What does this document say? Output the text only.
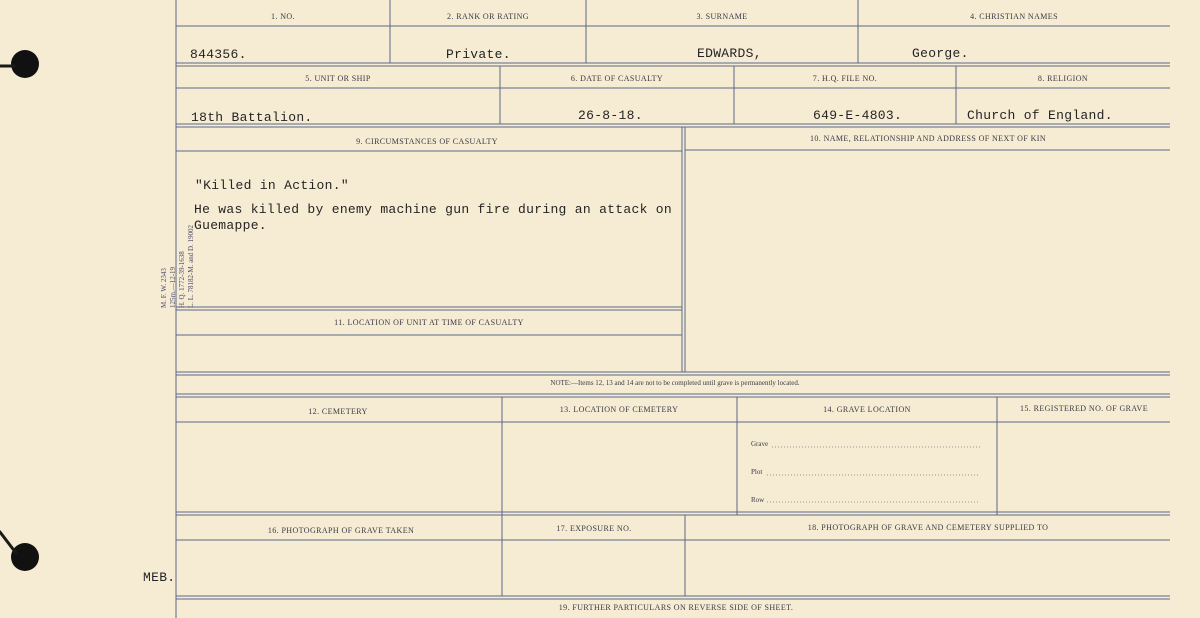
1. NO.	2. RANK OR RATING	3. SURNAME	4. CHRISTIAN NAMES
844356.	Private.	EDWARDS,	George.
5. UNIT OR SHIP	6. DATE OF CASUALTY	7. H.Q. FILE NO.	8. RELIGION
18th Battalion.	26-8-18.	649-E-4803.	Church of England.
9. CIRCUMSTANCES OF CASUALTY
"Killed in Action."
He was killed by enemy machine gun fire during an attack on
Guemappe.
10. NAME, RELATIONSHIP AND ADDRESS OF NEXT OF KIN
11. LOCATION OF UNIT AT TIME OF CASUALTY
NOTE:—Items 12, 13 and 14 are not to be completed until grave is permanently located.
12. CEMETERY	13. LOCATION OF CEMETERY	14. GRAVE LOCATION	15. REGISTERED NO. OF GRAVE
Grave
Plot
Row
16. PHOTOGRAPH OF GRAVE TAKEN	17. EXPOSURE NO.	18. PHOTOGRAPH OF GRAVE AND CEMETERY SUPPLIED TO
19. FURTHER PARTICULARS ON REVERSE SIDE OF SHEET.
MEB.
M. F. W. 2343 125m.—12-19 H. Q. 1772-39-1638 L. L. 78182-M. and D. 19002
